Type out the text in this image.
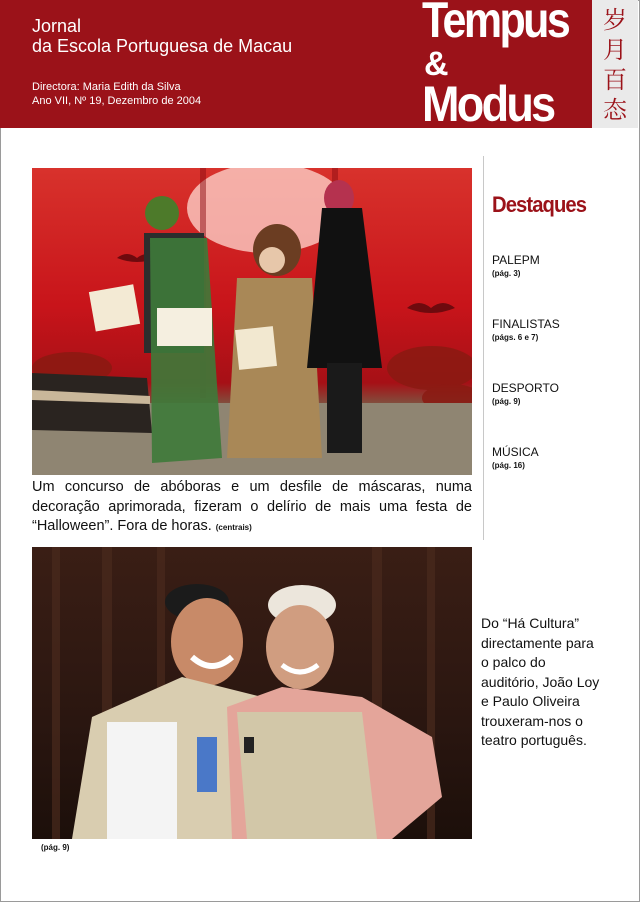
Jornal
da Escola Portuguesa de Macau
Directora: Maria Edith da Silva
Ano VII, Nº 19, Dezembro de 2004
Tempus
&
Modus
岁
月
百
态
Um concurso de abóboras e um desfile de máscaras, numa decoração aprimorada, fizeram o delírio de mais uma festa de “Halloween”. Fora de horas. (centrais)
Destaques
PALEPM
(pág. 3)
FINALISTAS
(págs. 6 e 7)
DESPORTO
(pág. 9)
MÚSICA
(pág. 16)
Do “Há Cultura” directamente para o palco do auditório, João Loy e Paulo Oliveira trouxeram-nos o teatro português.
(pág. 9)
